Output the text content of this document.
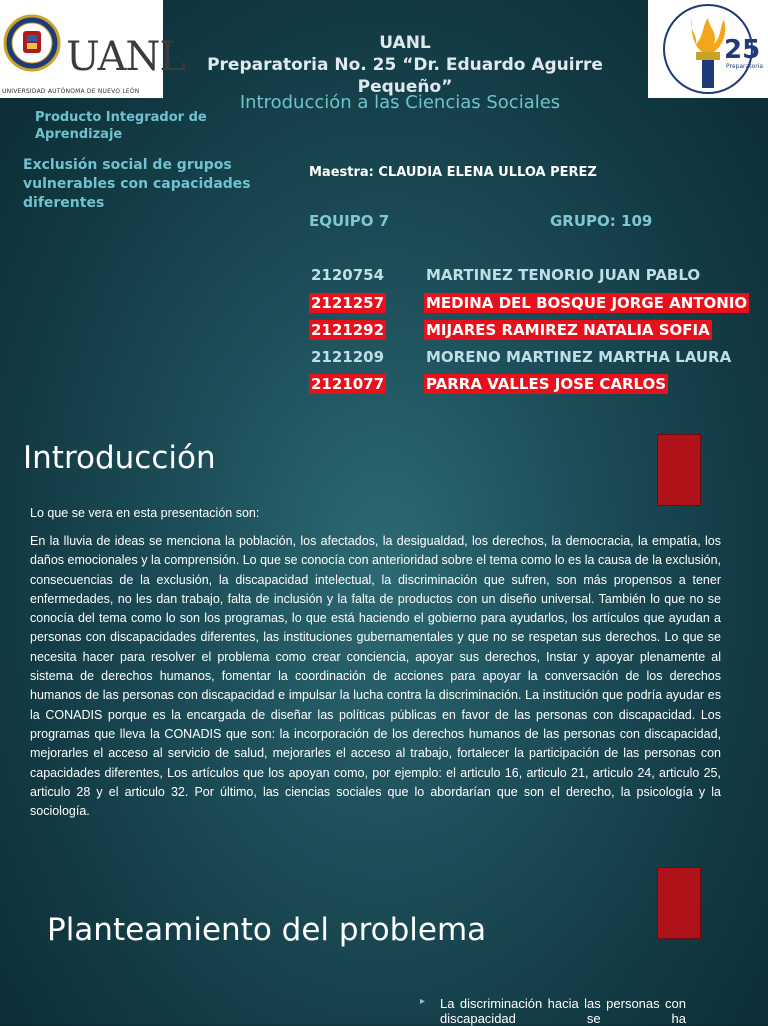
UANL
UNIVERSIDAD AUTÓNOMA DE NUEVO LEÓN
25
Preparatoria
UANL
Preparatoria No. 25 “Dr. Eduardo Aguirre Pequeño”
Introducción a las Ciencias Sociales
Producto Integrador de Aprendizaje
Exclusión social de grupos vulnerables con capacidades diferentes
Maestra: CLAUDIA ELENA ULLOA PEREZ
EQUIPO 7	GRUPO: 109
2120754	MARTINEZ TENORIO JUAN PABLO
2121257	MEDINA DEL BOSQUE JORGE ANTONIO
2121292	MIJARES RAMIREZ NATALIA SOFIA
2121209	MORENO MARTINEZ MARTHA LAURA
2121077	PARRA VALLES JOSE CARLOS
Introducción
Lo que se vera en esta presentación son:
En la lluvia de ideas se menciona la población, los afectados, la desigualdad, los derechos, la democracia, la empatía, los daños emocionales y la comprensión. Lo que se conocía con anterioridad sobre el tema como lo es la causa de la exclusión, consecuencias de la exclusión, la discapacidad intelectual, la discriminación que sufren, son más propensos a tener enfermedades, no les dan trabajo, falta de inclusión y la falta de productos con un diseño universal. También lo que no se conocía del tema como lo son los programas, lo que está haciendo el gobierno para ayudarlos, los artículos que ayudan a personas con discapacidades diferentes, las instituciones gubernamentales y que no se respetan sus derechos. Lo que se necesita hacer para resolver el problema como crear conciencia, apoyar sus derechos, Instar y apoyar plenamente al sistema de derechos humanos, fomentar la coordinación de acciones para apoyar la conversación de los derechos humanos de las personas con discapacidad e impulsar la lucha contra la discriminación. La institución que podría ayudar es la CONADIS porque es la encargada de diseñar las políticas públicas en favor de las personas con discapacidad. Los programas que lleva la CONADIS que son: la incorporación de los derechos humanos de las personas con discapacidad, mejorarles el acceso al servicio de salud, mejorarles el acceso al trabajo, fortalecer la participación de las personas con capacidades diferentes, Los artículos que los apoyan como, por ejemplo: el articulo 16, articulo 21, articulo 24, articulo 25, articulo 28 y el articulo 32. Por último, las ciencias sociales que lo abordarían que son el derecho, la psicología y la sociología.
Planteamiento del problema
▸ La discriminación hacia las personas con discapacidad se ha
